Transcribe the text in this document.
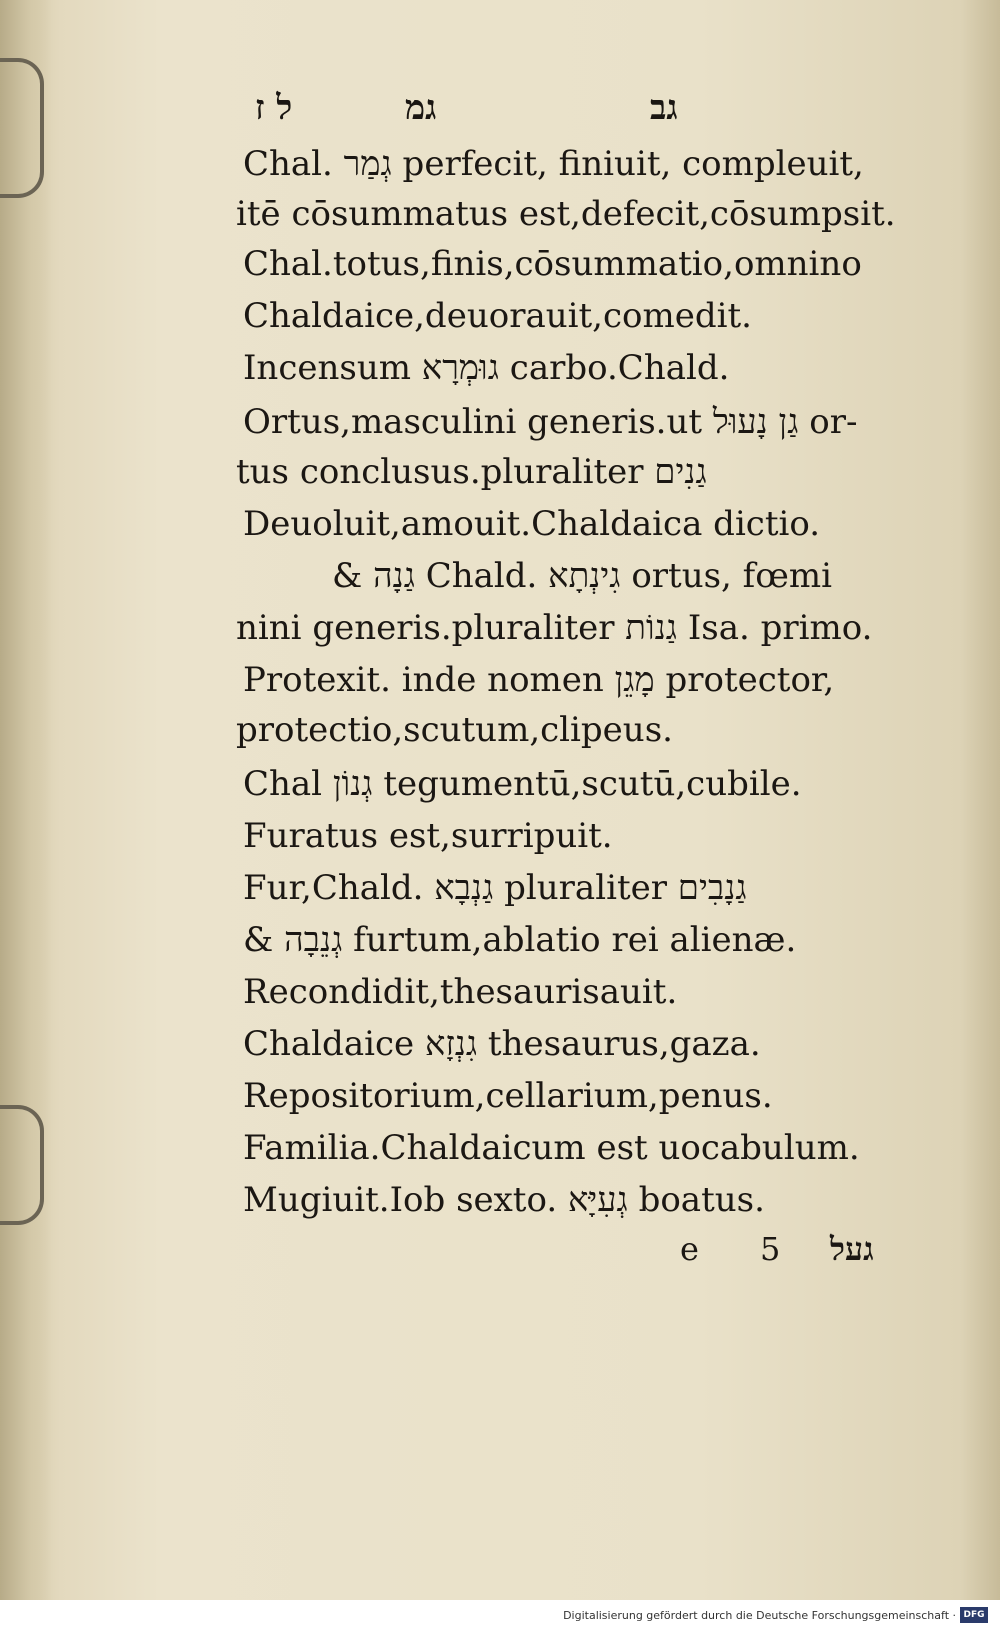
ל ז	גמ	גב
Chal. גְמַר perfecit, finiuit, compleuit,
itē cōsummatus est,defecit,cōsumpsit.
Chal.totus,finis,cōsummatio,omnino
Chaldaice,deuorauit,comedit.
Incensum גוּמְרָא carbo.Chald.
Ortus,masculini generis.ut גַן נָעוּל or-
tus conclusus.pluraliter גַנִים
Deuoluit,amouit.Chaldaica dictio.
& גַנָה Chald. גִינְתָא ortus, fœmi
nini generis.pluraliter גַנוֹת Isa. primo.
Protexit. inde nomen מָגֵן protector,
protectio,scutum,clipeus.
Chal גְנוֹן tegumentū,scutū,cubile.
Furatus est,surripuit.
Fur,Chald. גַנְבָא pluraliter גַנָבִים
& גְנֵבָה furtum,ablatio rei alienæ.
Recondidit,thesaurisauit.
Chaldaice גִנְזָא thesaurus,gaza.
Repositorium,cellarium,penus.
Familia.Chaldaicum est uocabulum.
Mugiuit.Iob sexto. גְעִיָּא boatus.
e 5 געל
Digitalisierung gefördert durch die Deutsche Forschungsgemeinschaft · DFG
